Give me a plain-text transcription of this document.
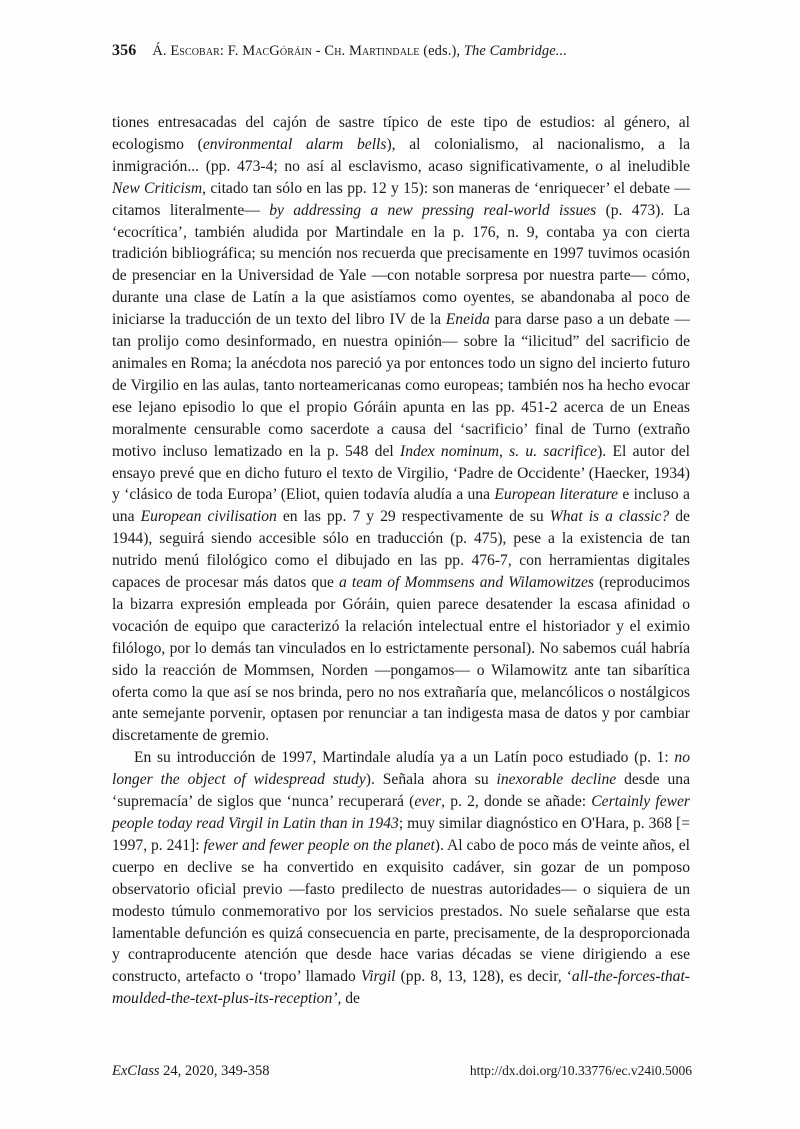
356 Á. Escobar: F. MacGóráin - Ch. Martindale (eds.), The Cambridge...

tiones entresacadas del cajón de sastre típico de este tipo de estudios: al género, al ecologismo (environmental alarm bells), al colonialismo, al nacionalismo, a la inmigración... (pp. 473-4; no así al esclavismo, acaso significativamente, o al ineludible New Criticism, citado tan sólo en las pp. 12 y 15): son maneras de ‘enriquecer’ el debate —citamos literalmente— by addressing a new pressing real-world issues (p. 473). La ‘ecocrítica’, también aludida por Martindale en la p. 176, n. 9, contaba ya con cierta tradición bibliográfica; su mención nos recuerda que precisamente en 1997 tuvimos ocasión de presenciar en la Universidad de Yale —con notable sorpresa por nuestra parte— cómo, durante una clase de Latín a la que asistíamos como oyentes, se abandonaba al poco de iniciarse la traducción de un texto del libro IV de la Eneida para darse paso a un debate —tan prolijo como desinformado, en nuestra opinión— sobre la “ilicitud” del sacrificio de animales en Roma; la anécdota nos pareció ya por entonces todo un signo del incierto futuro de Virgilio en las aulas, tanto norteamericanas como europeas; también nos ha hecho evocar ese lejano episodio lo que el propio Góráin apunta en las pp. 451-2 acerca de un Eneas moralmente censurable como sacerdote a causa del ‘sacrificio’ final de Turno (extraño motivo incluso lematizado en la p. 548 del Index nominum, s. u. sacrifice). El autor del ensayo prevé que en dicho futuro el texto de Virgilio, ‘Padre de Occidente’ (Haecker, 1934) y ‘clásico de toda Europa’ (Eliot, quien todavía aludía a una European literature e incluso a una European civilisation en las pp. 7 y 29 respectivamente de su What is a classic? de 1944), seguirá siendo accesible sólo en traducción (p. 475), pese a la existencia de tan nutrido menú filológico como el dibujado en las pp. 476-7, con herramientas digitales capaces de procesar más datos que a team of Mommsens and Wilamowitzes (reproducimos la bizarra expresión empleada por Góráin, quien parece desatender la escasa afinidad o vocación de equipo que caracterizó la relación intelectual entre el historiador y el eximio filólogo, por lo demás tan vinculados en lo estrictamente personal). No sabemos cuál habría sido la reacción de Mommsen, Norden —pongamos— o Wilamowitz ante tan sibarítica oferta como la que así se nos brinda, pero no nos extrañaría que, melancólicos o nostálgicos ante semejante porvenir, optasen por renunciar a tan indigesta masa de datos y por cambiar discretamente de gremio.

En su introducción de 1997, Martindale aludía ya a un Latín poco estudiado (p. 1: no longer the object of widespread study). Señala ahora su inexorable decline desde una ‘supremacía’ de siglos que ‘nunca’ recuperará (ever, p. 2, donde se añade: Certainly fewer people today read Virgil in Latin than in 1943; muy similar diagnóstico en O'Hara, p. 368 [= 1997, p. 241]: fewer and fewer people on the planet). Al cabo de poco más de veinte años, el cuerpo en declive se ha convertido en exquisito cadáver, sin gozar de un pomposo observatorio oficial previo —fasto predilecto de nuestras autoridades— o siquiera de un modesto túmulo conmemorativo por los servicios prestados. No suele señalarse que esta lamentable defunción es quizá consecuencia en parte, precisamente, de la desproporcionada y contraproducente atención que desde hace varias décadas se viene dirigiendo a ese constructo, artefacto o ‘tropo’ llamado Virgil (pp. 8, 13, 128), es decir, ‘all-the-forces-that-moulded-the-text-plus-its-reception’, de

ExClass 24, 2020, 349-358	http://dx.doi.org/10.33776/ec.v24i0.5006
